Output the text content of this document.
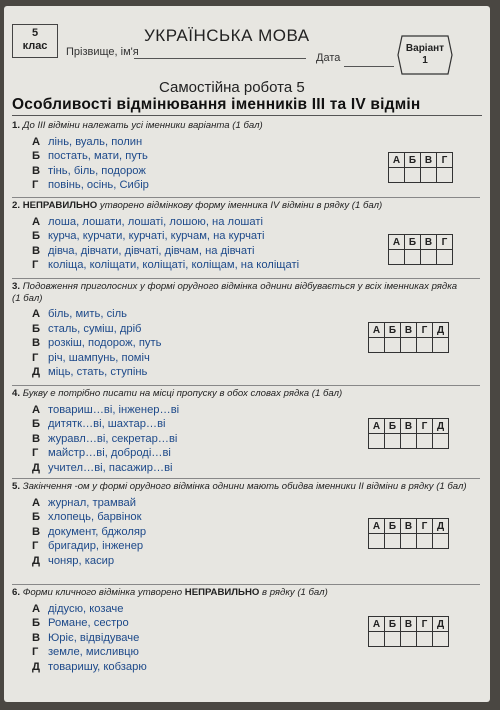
5
клас	Прізвище, ім'я
УКРАЇНСЬКА МОВА
Дата
Варіант
1
Самостійна робота 5
Особливості відмінювання іменників III та IV відмін
1. До III відміни належать усі іменники варіанта (1 бал)
А лінь, вуаль, полин
Б постать, мати, путь
В тінь, біль, подорож
Г повінь, осінь, Сибір
А	Б	В	Г

2. НЕПРАВИЛЬНО утворено відмінкову форму іменника IV відміни в рядку (1 бал)
А лоша, лошати, лошаті, лошою, на лошаті
Б курча, курчати, курчаті, курчам, на курчаті
В дівча, дівчати, дівчаті, дівчам, на дівчаті
Г коліща, коліщати, коліщаті, коліщам, на коліщаті
А	Б	В	Г

3. Подовження приголосних у формі орудного відмінка однини відбувається у всіх іменниках рядка (1 бал)
А біль, мить, сіль
Б сталь, суміш, дріб
В розкіш, подорож, путь
Г річ, шампунь, поміч
Д міць, стать, ступінь
А	Б	В	Г	Д

4. Букву е потрібно писати на місці пропуску в обох словах рядка (1 бал)
А товариш…ві, інженер…ві
Б дитятк…ві, шахтар…ві
В журавл…ві, секретар…ві
Г майстр…ві, доброді…ві
Д учител…ві, пасажир…ві
А	Б	В	Г	Д

5. Закінчення -ом у формі орудного відмінка однини мають обидва іменники II відміни в рядку (1 бал)
А журнал, трамвай
Б хлопець, барвінок
В документ, бджоляр
Г бригадир, інженер
Д чоняр, касир
А	Б	В	Г	Д

6. Форми кличного відмінка утворено НЕПРАВИЛЬНО в рядку (1 бал)
А дідусю, козаче
Б Романе, сестро
В Юріє, відвідуваче
Г земле, мисливцю
Д товаришу, кобзарю
А	Б	В	Г	Д
